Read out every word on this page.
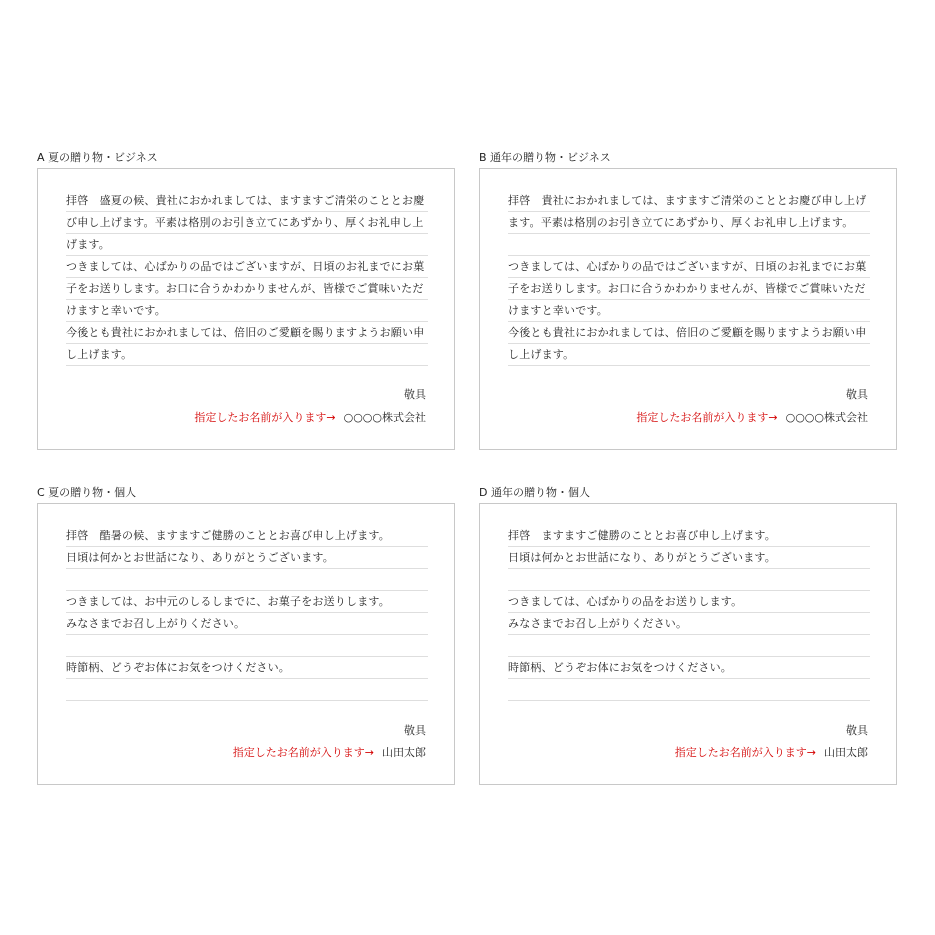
A 夏の贈り物・ビジネス
拝啓　盛夏の候、貴社におかれましては、ますますご清栄のこととお慶
び申し上げます。平素は格別のお引き立てにあずかり、厚くお礼申し上
げます。
つきましては、心ばかりの品ではございますが、日頃のお礼までにお菓
子をお送りします。お口に合うかわかりませんが、皆様でご賞味いただ
けますと幸いです。
今後とも貴社におかれましては、倍旧のご愛顧を賜りますようお願い申
し上げます。
敬具
指定したお名前が入ります→ ○○○○株式会社
B 通年の贈り物・ビジネス
拝啓　貴社におかれましては、ますますご清栄のこととお慶び申し上げ
ます。平素は格別のお引き立てにあずかり、厚くお礼申し上げます。
つきましては、心ばかりの品ではございますが、日頃のお礼までにお菓
子をお送りします。お口に合うかわかりませんが、皆様でご賞味いただ
けますと幸いです。
今後とも貴社におかれましては、倍旧のご愛顧を賜りますようお願い申
し上げます。
敬具
指定したお名前が入ります→ ○○○○株式会社
C 夏の贈り物・個人
拝啓　酷暑の候、ますますご健勝のこととお喜び申し上げます。
日頃は何かとお世話になり、ありがとうございます。
つきましては、お中元のしるしまでに、お菓子をお送りします。
みなさまでお召し上がりください。
時節柄、どうぞお体にお気をつけください。
敬具
指定したお名前が入ります→ 山田太郎
D 通年の贈り物・個人
拝啓　ますますご健勝のこととお喜び申し上げます。
日頃は何かとお世話になり、ありがとうございます。
つきましては、心ばかりの品をお送りします。
みなさまでお召し上がりください。
時節柄、どうぞお体にお気をつけください。
敬具
指定したお名前が入ります→ 山田太郎
